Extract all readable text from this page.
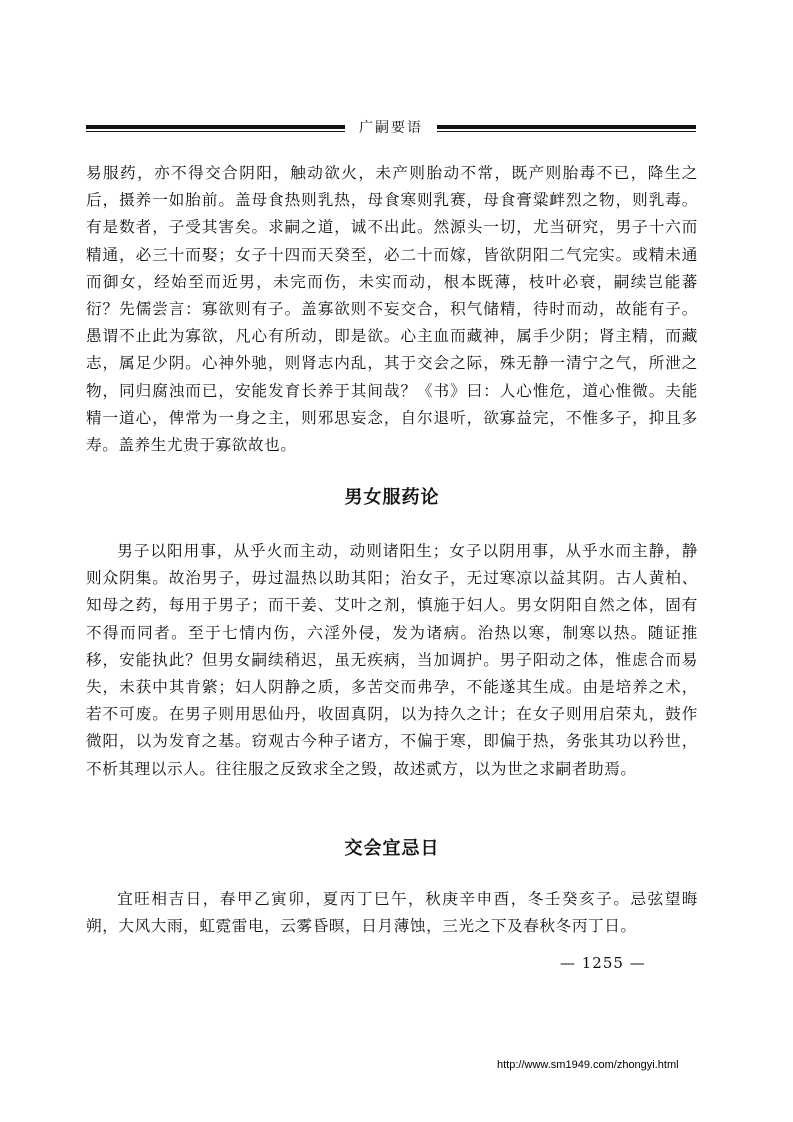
广嗣要语

易服药，亦不得交合阴阳，触动欲火，未产则胎动不常，既产则胎毒不已，降生之后，摄养一如胎前。盖母食热则乳热，母食寒则乳赛，母食膏粱衅烈之物，则乳毒。有是数者，子受其害矣。求嗣之道，诚不出此。然源头一切，尤当研究，男子十六而精通，必三十而娶；女子十四而天癸至，必二十而嫁，皆欲阴阳二气完实。或精未通而御女，经始至而近男，未完而伤，未实而动，根本既薄，枝叶必衰，嗣续岂能蕃衍？先儒尝言：寡欲则有子。盖寡欲则不妄交合，积气储精，待时而动，故能有子。愚谓不止此为寡欲，凡心有所动，即是欲。心主血而藏神，属手少阴；肾主精，而藏志，属足少阴。心神外驰，则肾志内乱，其于交会之际，殊无静一清宁之气，所泄之物，同归腐浊而已，安能发育长养于其间哉？《书》曰：人心惟危，道心惟微。夫能精一道心，俾常为一身之主，则邪思妄念，自尔退听，欲寡益完，不惟多子，抑且多寿。盖养生尤贵于寡欲故也。

男女服药论

男子以阳用事，从乎火而主动，动则诸阳生；女子以阴用事，从乎水而主静，静则众阴集。故治男子，毋过温热以助其阳；治女子，无过寒凉以益其阴。古人黄柏、知母之药，每用于男子；而干姜、艾叶之剂，慎施于妇人。男女阴阳自然之体，固有不得而同者。至于七情内伤，六淫外侵，发为诸病。治热以寒，制寒以热。随证推移，安能执此？但男女嗣续稍迟，虽无疾病，当加调护。男子阳动之体，惟虑合而易失，未获中其肯綮；妇人阴静之质，多苦交而弗孕，不能遂其生成。由是培养之术，若不可废。在男子则用思仙丹，收固真阴，以为持久之计；在女子则用启荣丸，鼓作微阳，以为发育之基。窃观古今种子诸方，不偏于寒，即偏于热，务张其功以矜世，不析其理以示人。往往服之反致求全之毁，故述贰方，以为世之求嗣者助焉。

交会宜忌日

宜旺相吉日，春甲乙寅卯，夏丙丁巳午，秋庚辛申酉，冬壬癸亥子。忌弦望晦朔，大风大雨，虹霓雷电，云雾昏暝，日月薄蚀，三光之下及春秋冬丙丁日。

— 1255 —
http://www.sm1949.com/zhongyi.html
